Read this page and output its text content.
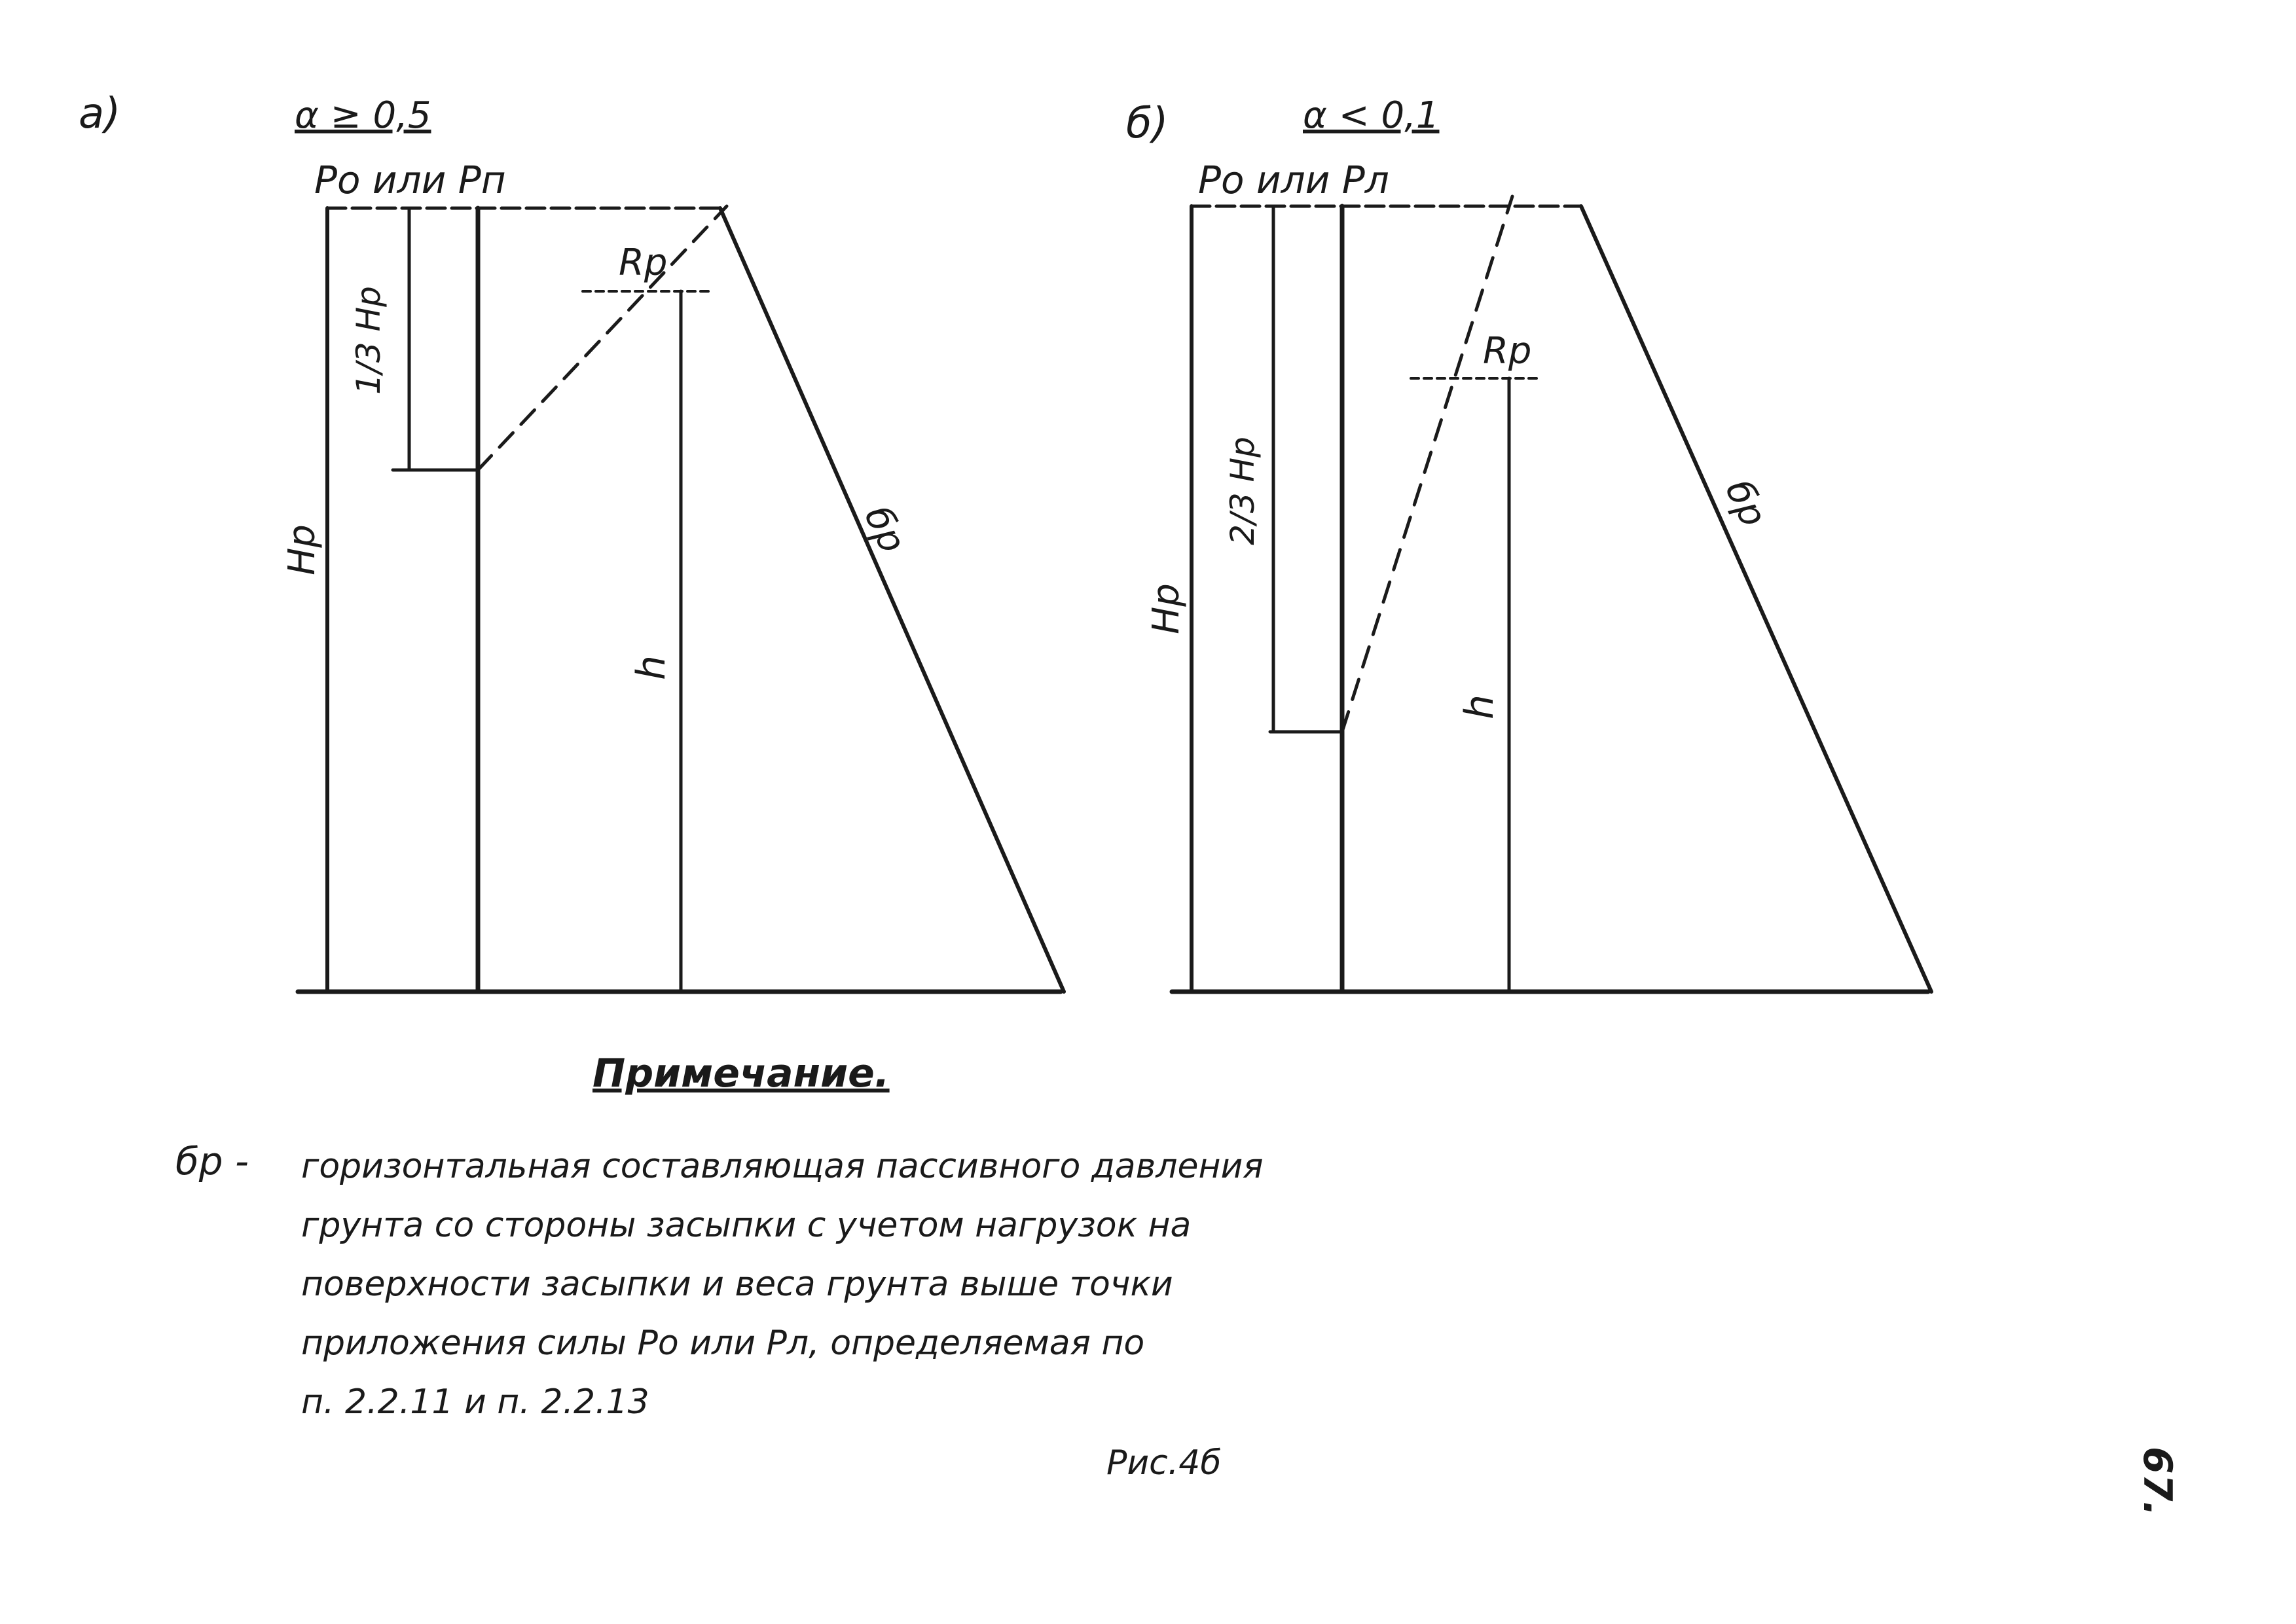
а)	α ≥ 0,5
Pо или Pп
1/3 Hр
Rр
бр
Hр
h
б)	α < 0,1
Pо или Pл
2/3 Hр
Rр
бр
Hр
h
Примечание.
бр - горизонтальная составляющая пассивного давления
грунта со стороны засыпки с учетом нагрузок на
поверхности засыпки и веса грунта выше точки
приложения силы Pо или Pл, определяемая по
п. 2.2.11 и п. 2.2.13
Рис.4б	67.
